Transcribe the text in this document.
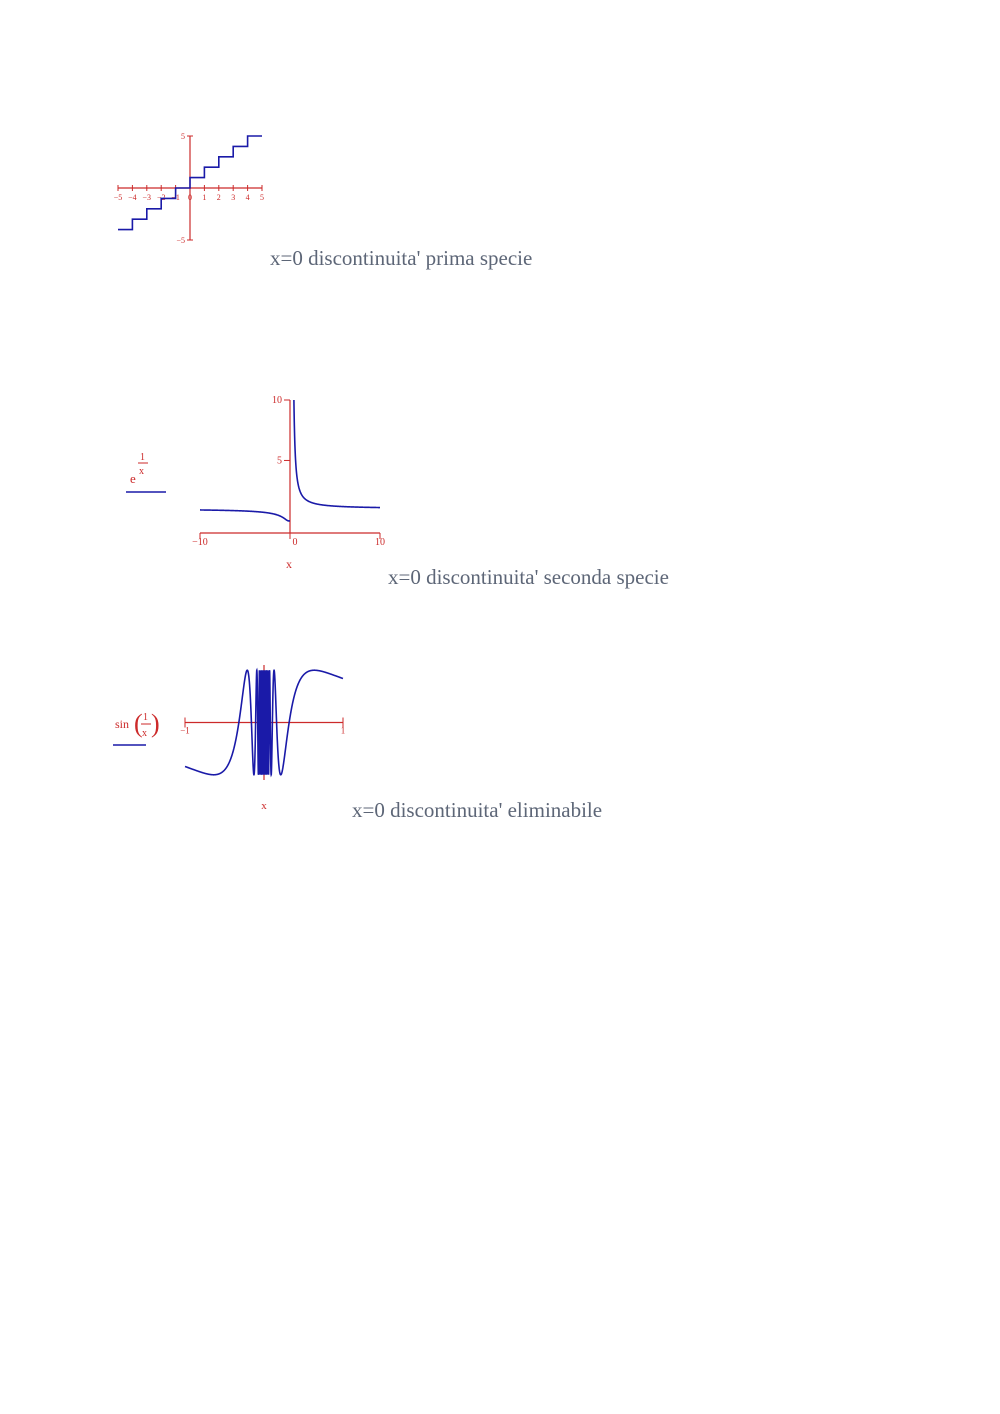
−5 −4 −3 −2 −1 0 1 2 3 4 5
5
−5
x=0 discontinuita' prima specie
e
1
x
−10	0	10
10
5
x
x=0 discontinuita' seconda specie
sin ( 1
x ) −1	1
x	x=0 discontinuita' eliminabile
